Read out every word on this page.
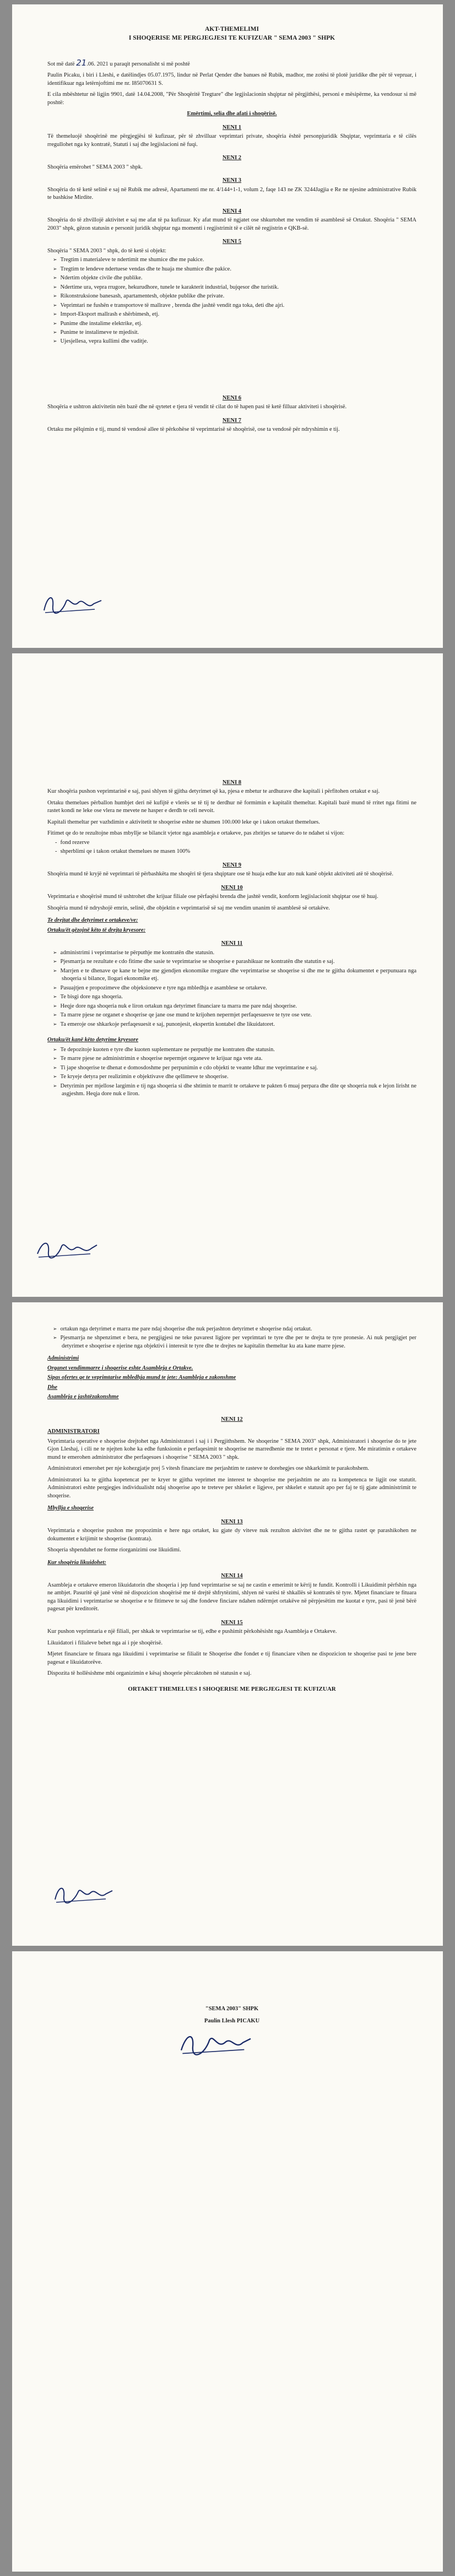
AKT-THEMELIMI
I SHOQERISE ME PERGJEGJESI TE KUFIZUAR " SEMA 2003 " SHPK

Sot më datë 21.06. 2021 u paraqit personalisht si më poshtë

Paulin Picaku, i biri i Lleshi, e datëlindjes 05.07.1975, lindur në Perlat Qender dhe banues në Rubik, madhor, me zotësi të plotë juridike dhe për të vepruar, i identifikuar nga letërnjoftimi me nr. I85070631 S.

E cila mbështetur në ligjin 9901, datë 14.04.2008, "Për Shoqëritë Tregtare" dhe legjislacionin shqiptar në përgjithësi, personi e mësipërme, ka vendosur si më poshtë:

Emërtimi, selia dhe afati i shoqërisë.
NENI 1

Të themeluojë shoqërinë me përgjegjësi të kufizuar, për të zhvilluar veprimtari private, shoqëria është personpjuridik Shqiptar, veprimtaria e të cilës rregullohet nga ky kontratë, Statuti i saj dhe legjislacioni në fuqi.

NENI 2

Shoqëria emërohet " SEMA 2003 " shpk.

NENI 3

Shoqëria do të ketë selinë e saj në Rubik me adresë, Apartamenti me nr. 4/144+1-1, volum 2, faqe 143 ne ZK 3244Jagjia e Re ne njesine administrative Rubik te bashkise Mirdite.

NENI 4

Shoqëria do të zhvillojë aktivitet e saj me afat të pa kufizuar. Ky afat mund të ngjatet ose shkurtohet me vendim të asamblesë së Ortakut. Shoqëria " SEMA 2003" shpk, gëzon statusin e personit juridik shqiptar nga momenti i regjistrimit të e cilët në regjistrin e QKB-së.

NENI 5

Shoqëria " SEMA 2003 " shpk, do të ketë si objekt:

➢ Tregtim i materialeve te ndertimit me shumice dhe me pakice.
➢ Tregtim te lendeve ndertuese vendas dhe te huaja me shumice dhe pakice.
➢ Ndertim objekte civile dhe publike.
➢ Ndertime ura, vepra rrugore, hekurudhore, tunele te karakterit industrial, bujqesor dhe turistik.
➢ Rikonstruksione banesash, apartamentesh, objekte publike dhe private.
➢ Veprimtari ne fushën e transportove të mallrave , brenda dhe jashtë vendit nga toka, deti dhe ajri.
➢ Import-Eksport mallrash e shërbimesh, etj.
➢ Punime dhe instalime elektrike, etj.
➢ Punime te instalimeve te mjedisit.
➢ Ujesjellesa, vepra kullimi dhe vaditje.
NENI 6

Shoqëria e ushtron aktivitetin nën bazë dhe në qytetet e tjera të vendit të cilat do të hapen pasi të ketë filluar aktiviteti i shoqërisë.

NENI 7

Ortaku me pëlqimin e tij, mund të vendosë allee të përkohëse të veprimtarisë së shoqërisë, ose ta vendosë për ndryshimin e tij.

NENI 8

Kur shoqëria pushon veprimtarinë e saj, pasi shlyen të gjitha detyrimet që ka, pjesa e mbetur te ardhurave dhe kapitali i përfitohen ortakut e saj.

Ortaku themelues përballon humbjet deri në kufijtë e vlerës se të tij te derdhur në formimin e kapitalit themeltar. Kapitali bazë mund të rritet nga fitimi ne rastet kondi ne leke ose vlera ne mevete ne hasper e derdh te celi nevoit.

Kapitali themeltar per vazhdimin e aktivitetit te shoqerise eshte ne shumen 100.000 leke qe i takon ortakut themelues.

Fitimet qe do te rezultojne mbas mbyllje se bilancit vjetor nga asambleja e ortakeve, pas zbritjes se tatueve do te ndahet si vijon:

- fond rezerve
- shperblimi qe i takon ortakut themelues ne masen 100%
NENI 9

Shoqëria mund të kryjë në veprimtari të përbashkëta me shoqëri të tjera shqiptare ose të huaja edhe kur ato nuk kanë objekt aktiviteti atë të shoqërisë.

NENI 10

Veprimtaria e shoqërisë mund të ushtrohet dhe krijuar filiale ose përfaqësi brenda dhe jashtë vendit, konform legjislacionit shqiptar ose të huaj.

Shoqëria mund të ndryshojë emrin, selinë, dhe objektin e veprimtarisë së saj me vendim unanim të asamblesë së ortakëve.

Te drejtat dhe detyrimet e ortakeve/ve:
Ortaku/ët gëzojnë këto të drejta kryesore:
NENI 11
➢ administrimi i veprimtarise te përputhje me kontratën dhe statusin.
➢ Pjesmarrja ne rezultate e cdo fitime dhe sasie te veprimtarise se shoqerise e parashikuar ne kontratën dhe statutin e saj.
➢ Marrjen e te dhenave qe kane te bejne me gjendjen ekonomike rregtare dhe veprimtarise se shoqerise si dhe me te gjitha dokumentet e perpunuara nga shoqeria si bilance, llogari ekonomike etj.
➢ Pasuajtjen e propozimeve dhe objeksioneve e tyre nga mbledhja e asamblese se ortakeve.
➢ Te bisgi dore nga shoqeria.
➢ Heqje dore nga shoqeria nuk e liron ortakun nga detyrimet financiare ta marra me pare ndaj shoqerise.
➢ Ta marre pjese ne organet e shoqerise qe jane ose mund te krijohen nepermjet perfaqesuesve te tyre ose vete.
➢ Ta emeroje ose shkarkoje perfaqesuesit e saj, punonjesit, ekspertin kontabel dhe likuidatoret.
Ortaku/ët kanë këto detyrime kryesore
➢ Te depozitoje kuoten e tyre dhe kuoten suplementare ne perputhje me kontraten dhe statusin.
➢ Te marre pjese ne administrimin e shoqerise nepermjet organeve te krijuar nga vete ata.
➢ Ti jape shoqerise te dhenat e domosdoshme per perpunimin e cdo objekti te veante ldhur me veprimtarine e saj.
➢ Te kryeje detyra per realizimin e objektivave dhe qellimeve te shoqerise.
➢ Detyrimin per mjellose largimin e tij nga shoqeria si dhe shtimin te marrit te ortakeve te pakten 6 muaj perpara dhe dite qe shoqeria nuk e lejon lirisht ne asgjeshm. Heqja dore nuk e liron.
➢ ortakun nga detyrimet e marra me pare ndaj shoqerise dhe nuk perjashton detyrimet e shoqerise ndaj ortakut.
➢ Pjesmarrja ne shpenzimet e bera, ne pergjigjesi ne teke pavarest ligjore per veprimtari te tyre dhe per te drejta te tyre pronesie. Ai nuk pergjigjet per detyrimet e shoqerise e njerine nga objektivi i interesit te tyre dhe te drejtes ne kapitalin themeltar ku ata kane marre pjese.
Administrimi
Organet vendimmarre i shoqerise eshte Asambleja e Ortakve.
Sipas ofertes qe te veprimtarise mbledhja mund te jete: Asambleja e zakonshme
Dhe
Asambleja e jashtëzakonshme
NENI 12
ADMINISTRATORI

Veprimtaria operative e shoqerise drejtohet nga Administratori i saj i i Pergjithshem. Ne shoqerine " SEMA 2003" shpk, Administratori i shoqerise do te jete Gjon Lleshaj, i cili ne te njejten kohe ka edhe funksionin e perfaqesimit te shoqerise ne marredhenie me te tretet e personat e tjere. Me miratimin e ortakeve mund te emerohen administrator dhe perfaqesues i shoqerise " SEMA 2003 " shpk.

Administratori emerohet per nje kohezgjatje prej 5 vitesh financiare me perjashtim te rasteve te dorehegjes ose shkarkimit te parakohshem.

Administratori ka te gjitha kopetencat per te kryer te gjitha veprimet me interest te shoqerise me perjashtim ne ato ra kompetenca te ligjit ose statutit. Administratori eshte pergjegjes individualisht ndaj shoqerise apo te treteve per shkelet e ligjeve, per shkelet e statusit apo per faj te tij gjate administrimit te shoqerise.

Mbyllja e shoqerise
NENI 13

Veprimtaria e shoqerise pushon me propozimin e here nga ortaket, ku gjate dy viteve nuk rezulton aktivitet dhe ne te gjitha rastet qe parashikohen ne dokumentet e krijimit te shoqerise (kontrata).

Shoqeria shpenduhet ne forme riorganizimi ose likuidimi.

Kur shoqëria likuidohet:
NENI 14

Asambleja e ortakeve emeron likuidatorin dhe shoqeria i jep fund veprimtarise se saj ne castin e emerimit te kётij te fundit. Kontrolli i Likuidimit përfshin nga ne ambjet. Pasuritë që janë vënë në dispozicion shoqërisë me të drejtë shfrytëzimi, shlyen në varësi të shkallës së kontratës të tyre. Mjetet financiare te fituara nga likuidimi i veprimtarise se shoqerise e te fitimeve te saj dhe fondeve finciare ndahen ndërmjet ortakëve në përpjesëtim me kuotat e tyre, pasi të jenë bërë pagesat për kreditorët.

NENI 15

Kur pushon veprimtaria e një filiali, per shkak te veprimtarise se tij, edhe e pushimit përkohësisht nga Asambleja e Ortakeve.

Likuidatori i filialeve behet nga ai i pje shoqërisë.

Mjetet financiare te fituara nga likuidimi i veprimtarise se filialit te Shoqerise dhe fondet e tij financiare vihen ne dispozicion te shoqerise pasi te jene bere pagesat e likuidatorëve.

Dispozita të hollësishme mbi organizimin e kësaj shoqerie përcaktohen në statusin e saj.

ORTAKET THEMELUES I SHOQERISE ME PERGJEGJESI TE KUFIZUAR
"SEMA 2003" SHPK
Paulin Llesh PICAKU
